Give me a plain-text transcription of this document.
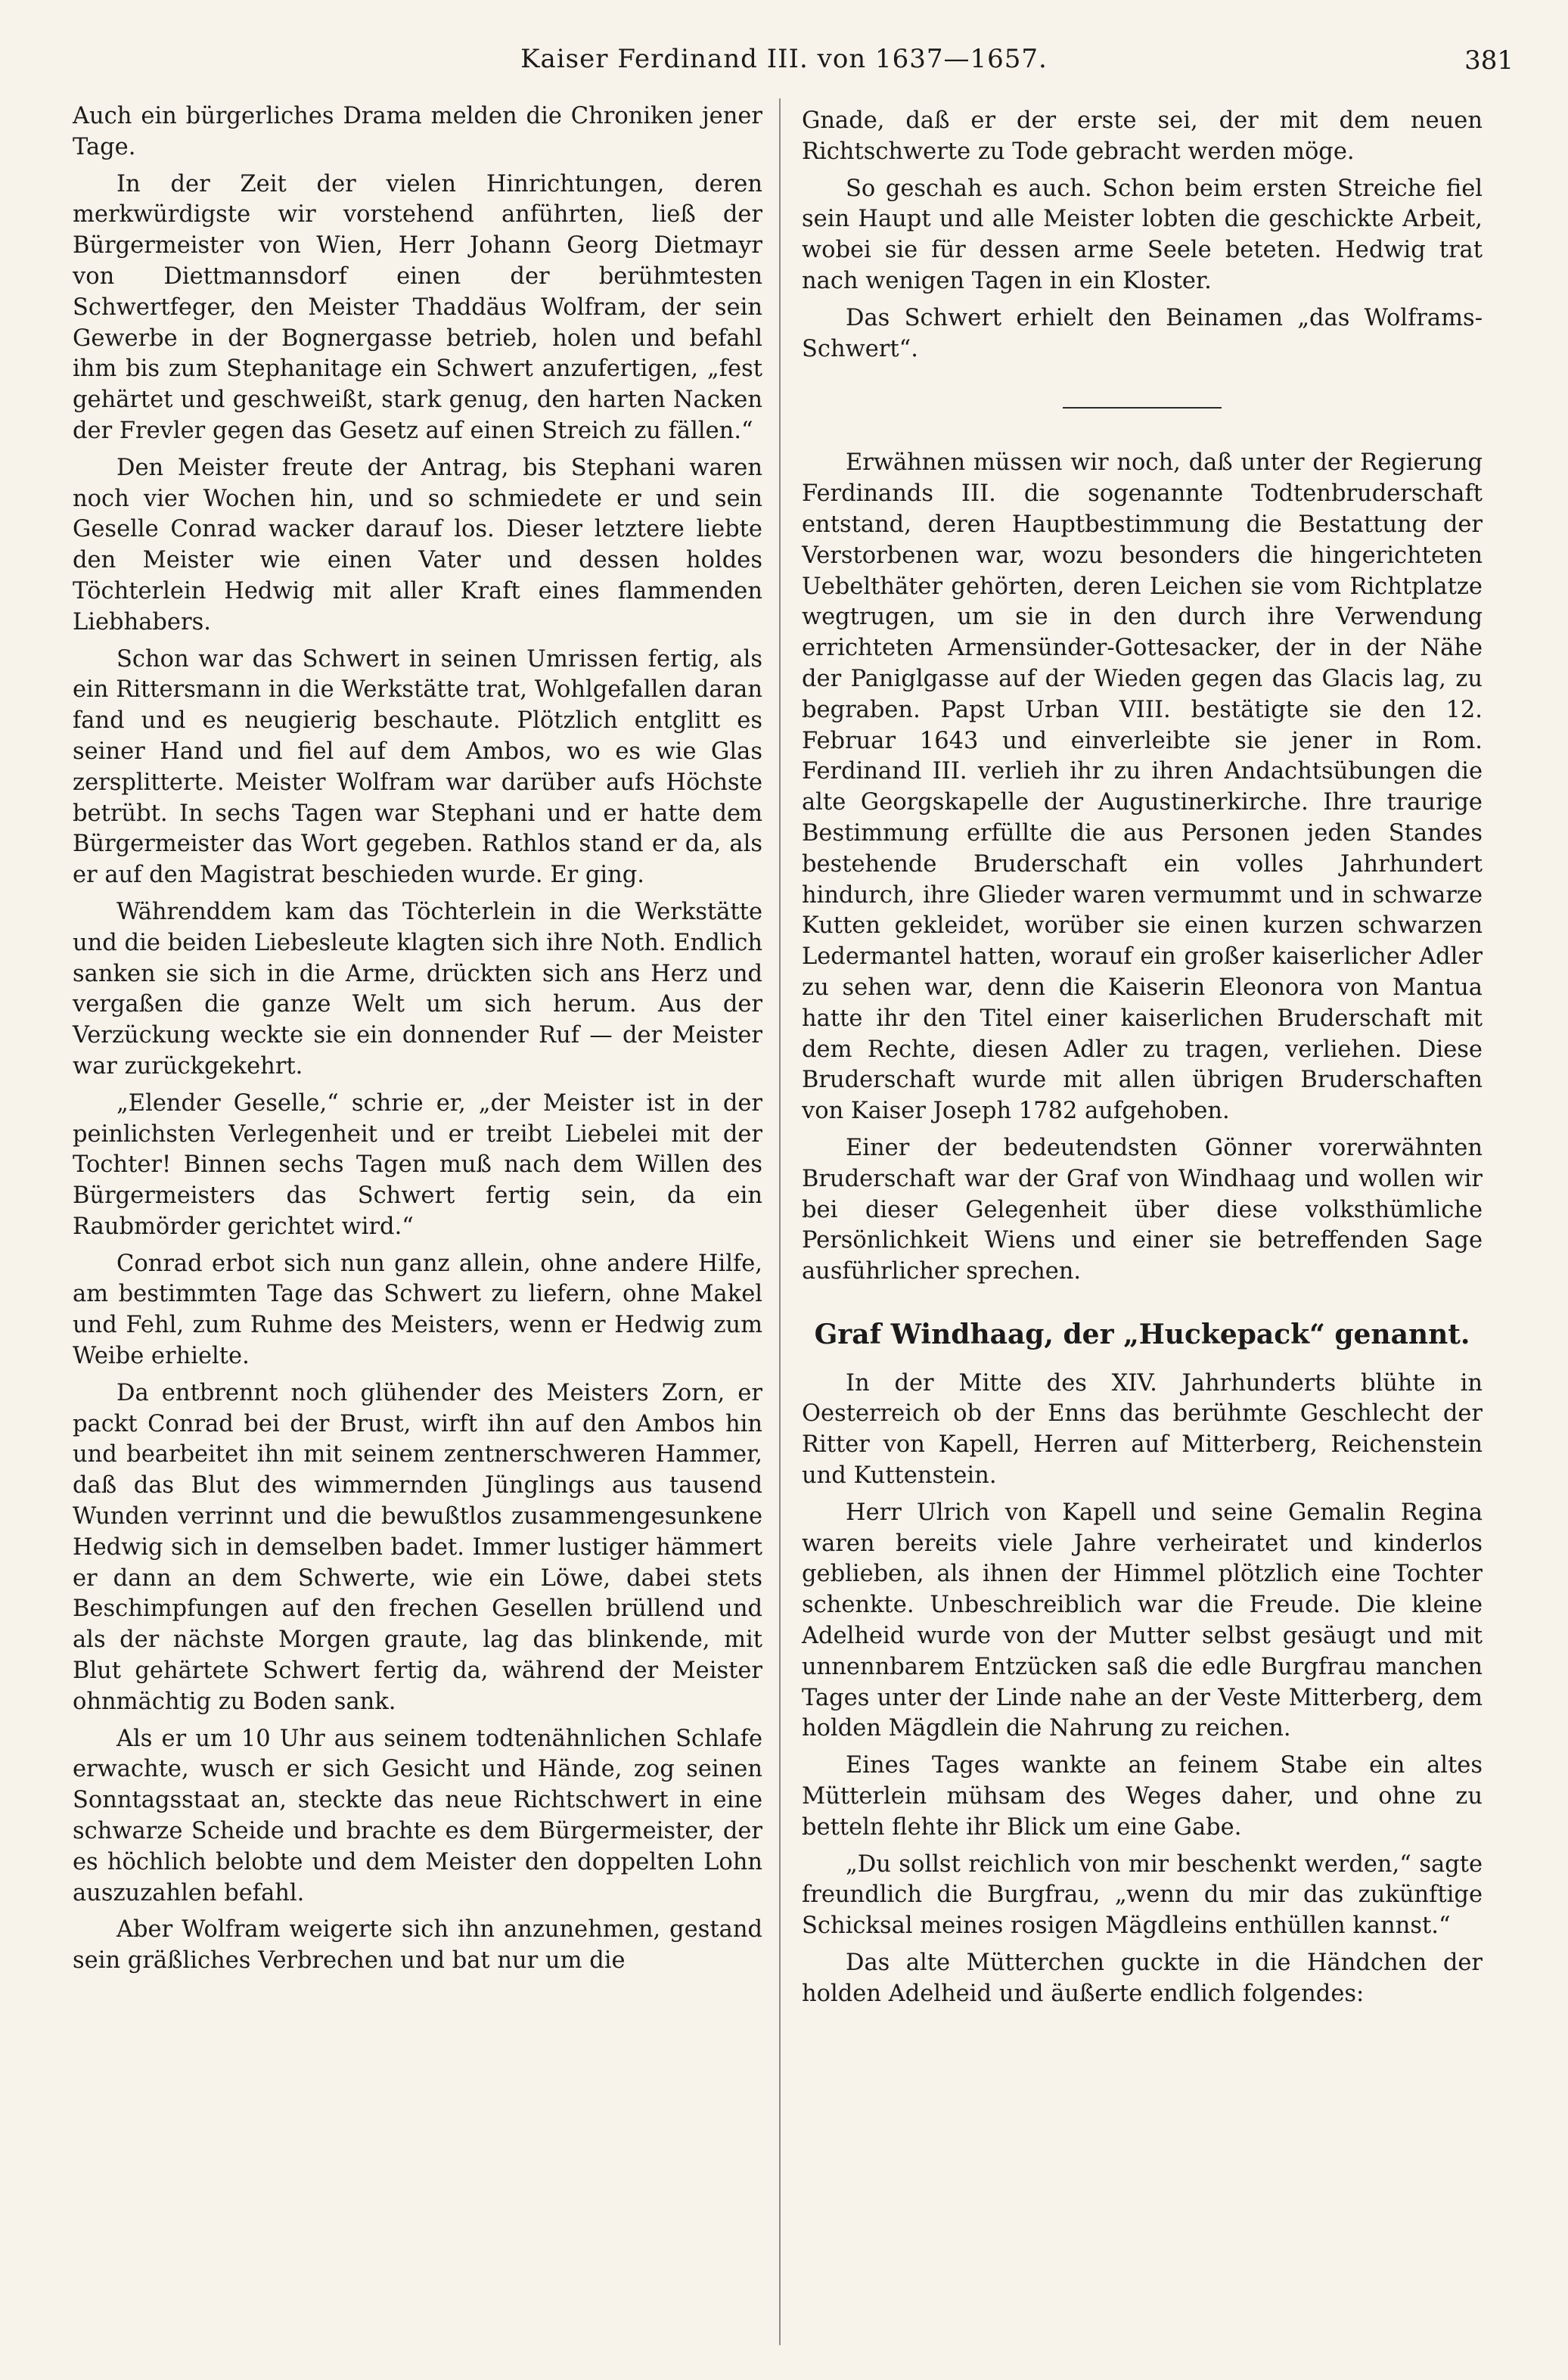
Kaiser Ferdinand III. von 1637—1657.	381

Auch ein bürgerliches Drama melden die Chroniken jener Tage.

In der Zeit der vielen Hinrichtungen, deren merkwürdigste wir vorstehend anführten, ließ der Bürgermeister von Wien, Herr Johann Georg Dietmayr von Diettmannsdorf einen der berühmtesten Schwertfeger, den Meister Thaddäus Wolfram, der sein Gewerbe in der Bognergasse betrieb, holen und befahl ihm bis zum Stephanitage ein Schwert anzufertigen, „fest gehärtet und geschweißt, stark genug, den harten Nacken der Frevler gegen das Gesetz auf einen Streich zu fällen.“

Den Meister freute der Antrag, bis Stephani waren noch vier Wochen hin, und so schmiedete er und sein Geselle Conrad wacker darauf los. Dieser letztere liebte den Meister wie einen Vater und dessen holdes Töchterlein Hedwig mit aller Kraft eines flammenden Liebhabers.

Schon war das Schwert in seinen Umrissen fertig, als ein Rittersmann in die Werkstätte trat, Wohlgefallen daran fand und es neugierig beschaute. Plötzlich entglitt es seiner Hand und fiel auf dem Ambos, wo es wie Glas zersplitterte. Meister Wolfram war darüber aufs Höchste betrübt. In sechs Tagen war Stephani und er hatte dem Bürgermeister das Wort gegeben. Rathlos stand er da, als er auf den Magistrat beschieden wurde. Er ging.

Währenddem kam das Töchterlein in die Werkstätte und die beiden Liebesleute klagten sich ihre Noth. Endlich sanken sie sich in die Arme, drückten sich ans Herz und vergaßen die ganze Welt um sich herum. Aus der Verzückung weckte sie ein donnender Ruf — der Meister war zurückgekehrt.

„Elender Geselle,“ schrie er, „der Meister ist in der peinlichsten Verlegenheit und er treibt Liebelei mit der Tochter! Binnen sechs Tagen muß nach dem Willen des Bürgermeisters das Schwert fertig sein, da ein Raubmörder gerichtet wird.“

Conrad erbot sich nun ganz allein, ohne andere Hilfe, am bestimmten Tage das Schwert zu liefern, ohne Makel und Fehl, zum Ruhme des Meisters, wenn er Hedwig zum Weibe erhielte.

Da entbrennt noch glühender des Meisters Zorn, er packt Conrad bei der Brust, wirft ihn auf den Ambos hin und bearbeitet ihn mit seinem zentnerschweren Hammer, daß das Blut des wimmernden Jünglings aus tausend Wunden verrinnt und die bewußtlos zusammengesunkene Hedwig sich in demselben badet. Immer lustiger hämmert er dann an dem Schwerte, wie ein Löwe, dabei stets Beschimpfungen auf den frechen Gesellen brüllend und als der nächste Morgen graute, lag das blinkende, mit Blut gehärtete Schwert fertig da, während der Meister ohnmächtig zu Boden sank.

Als er um 10 Uhr aus seinem todtenähnlichen Schlafe erwachte, wusch er sich Gesicht und Hände, zog seinen Sonntagsstaat an, steckte das neue Richtschwert in eine schwarze Scheide und brachte es dem Bürgermeister, der es höchlich belobte und dem Meister den doppelten Lohn auszuzahlen befahl.

Aber Wolfram weigerte sich ihn anzunehmen, gestand sein gräßliches Verbrechen und bat nur um die

Gnade, daß er der erste sei, der mit dem neuen Richtschwerte zu Tode gebracht werden möge.

So geschah es auch. Schon beim ersten Streiche fiel sein Haupt und alle Meister lobten die geschickte Arbeit, wobei sie für dessen arme Seele beteten. Hedwig trat nach wenigen Tagen in ein Kloster.

Das Schwert erhielt den Beinamen „das Wolframs-Schwert“.

Erwähnen müssen wir noch, daß unter der Regierung Ferdinands III. die sogenannte Todtenbruderschaft entstand, deren Hauptbestimmung die Bestattung der Verstorbenen war, wozu besonders die hingerichteten Uebelthäter gehörten, deren Leichen sie vom Richtplatze wegtrugen, um sie in den durch ihre Verwendung errichteten Armensünder-Gottesacker, der in der Nähe der Paniglgasse auf der Wieden gegen das Glacis lag, zu begraben. Papst Urban VIII. bestätigte sie den 12. Februar 1643 und einverleibte sie jener in Rom. Ferdinand III. verlieh ihr zu ihren Andachtsübungen die alte Georgskapelle der Augustinerkirche. Ihre traurige Bestimmung erfüllte die aus Personen jeden Standes bestehende Bruderschaft ein volles Jahrhundert hindurch, ihre Glieder waren vermummt und in schwarze Kutten gekleidet, worüber sie einen kurzen schwarzen Ledermantel hatten, worauf ein großer kaiserlicher Adler zu sehen war, denn die Kaiserin Eleonora von Mantua hatte ihr den Titel einer kaiserlichen Bruderschaft mit dem Rechte, diesen Adler zu tragen, verliehen. Diese Bruderschaft wurde mit allen übrigen Bruderschaften von Kaiser Joseph 1782 aufgehoben.

Einer der bedeutendsten Gönner vorerwähnten Bruderschaft war der Graf von Windhaag und wollen wir bei dieser Gelegenheit über diese volksthümliche Persönlichkeit Wiens und einer sie betreffenden Sage ausführlicher sprechen.

Graf Windhaag, der „Huckepack“ genannt.

In der Mitte des XIV. Jahrhunderts blühte in Oesterreich ob der Enns das berühmte Geschlecht der Ritter von Kapell, Herren auf Mitterberg, Reichenstein und Kuttenstein.

Herr Ulrich von Kapell und seine Gemalin Regina waren bereits viele Jahre verheiratet und kinderlos geblieben, als ihnen der Himmel plötzlich eine Tochter schenkte. Unbeschreiblich war die Freude. Die kleine Adelheid wurde von der Mutter selbst gesäugt und mit unnennbarem Entzücken saß die edle Burgfrau manchen Tages unter der Linde nahe an der Veste Mitterberg, dem holden Mägdlein die Nahrung zu reichen.

Eines Tages wankte an feinem Stabe ein altes Mütterlein mühsam des Weges daher, und ohne zu betteln flehte ihr Blick um eine Gabe.

„Du sollst reichlich von mir beschenkt werden,“ sagte freundlich die Burgfrau, „wenn du mir das zukünftige Schicksal meines rosigen Mägdleins enthüllen kannst.“

Das alte Mütterchen guckte in die Händchen der holden Adelheid und äußerte endlich folgendes:
